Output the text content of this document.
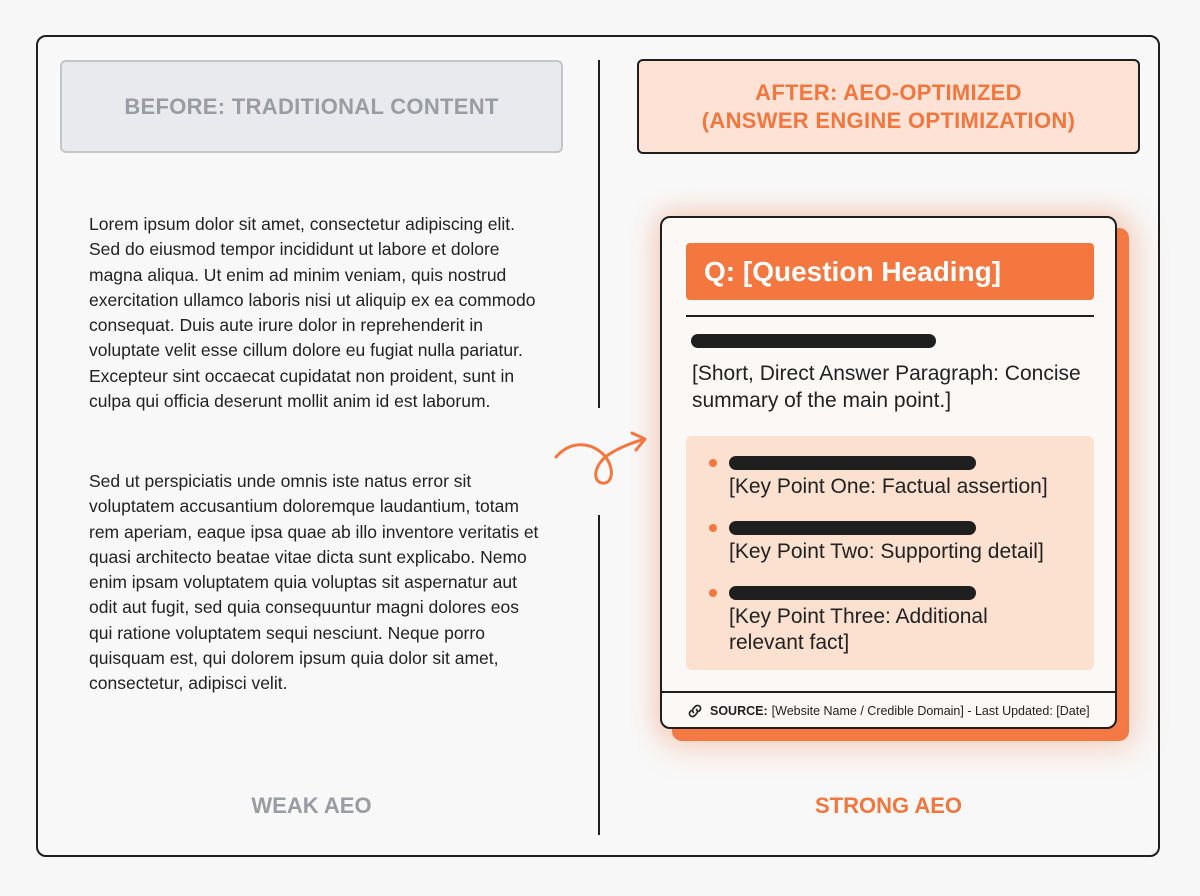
BEFORE: TRADITIONAL CONTENT
Lorem ipsum dolor sit amet, consectetur adipiscing elit. Sed do eiusmod tempor incididunt ut labore et dolore magna aliqua. Ut enim ad minim veniam, quis nostrud exercitation ullamco laboris nisi ut aliquip ex ea commodo consequat. Duis aute irure dolor in reprehenderit in voluptate velit esse cillum dolore eu fugiat nulla pariatur. Excepteur sint occaecat cupidatat non proident, sunt in culpa qui officia deserunt mollit anim id est laborum.
Sed ut perspiciatis unde omnis iste natus error sit voluptatem accusantium doloremque laudantium, totam rem aperiam, eaque ipsa quae ab illo inventore veritatis et quasi architecto beatae vitae dicta sunt explicabo. Nemo enim ipsam voluptatem quia voluptas sit aspernatur aut odit aut fugit, sed quia consequuntur magni dolores eos qui ratione voluptatem sequi nesciunt. Neque porro quisquam est, qui dolorem ipsum quia dolor sit amet, consectetur, adipisci velit.
WEAK AEO
AFTER: AEO-OPTIMIZED
(ANSWER ENGINE OPTIMIZATION)
Q: [Question Heading]
[Short, Direct Answer Paragraph: Concise summary of the main point.]
[Key Point One: Factual assertion]
[Key Point Two: Supporting detail]
[Key Point Three: Additional relevant fact]
SOURCE: [Website Name / Credible Domain] - Last Updated: [Date]
STRONG AEO
